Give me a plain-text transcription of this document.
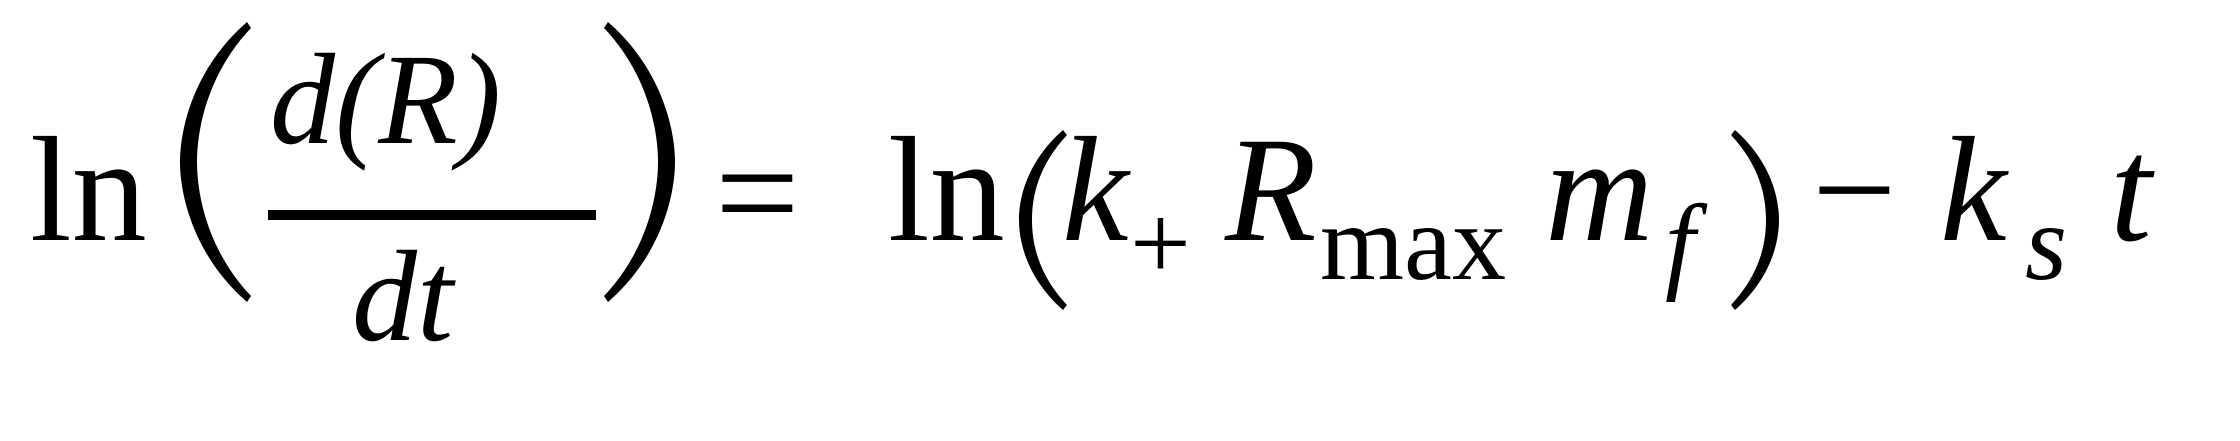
ln
d(R)
dt
= ln k + R max m f − k s t
